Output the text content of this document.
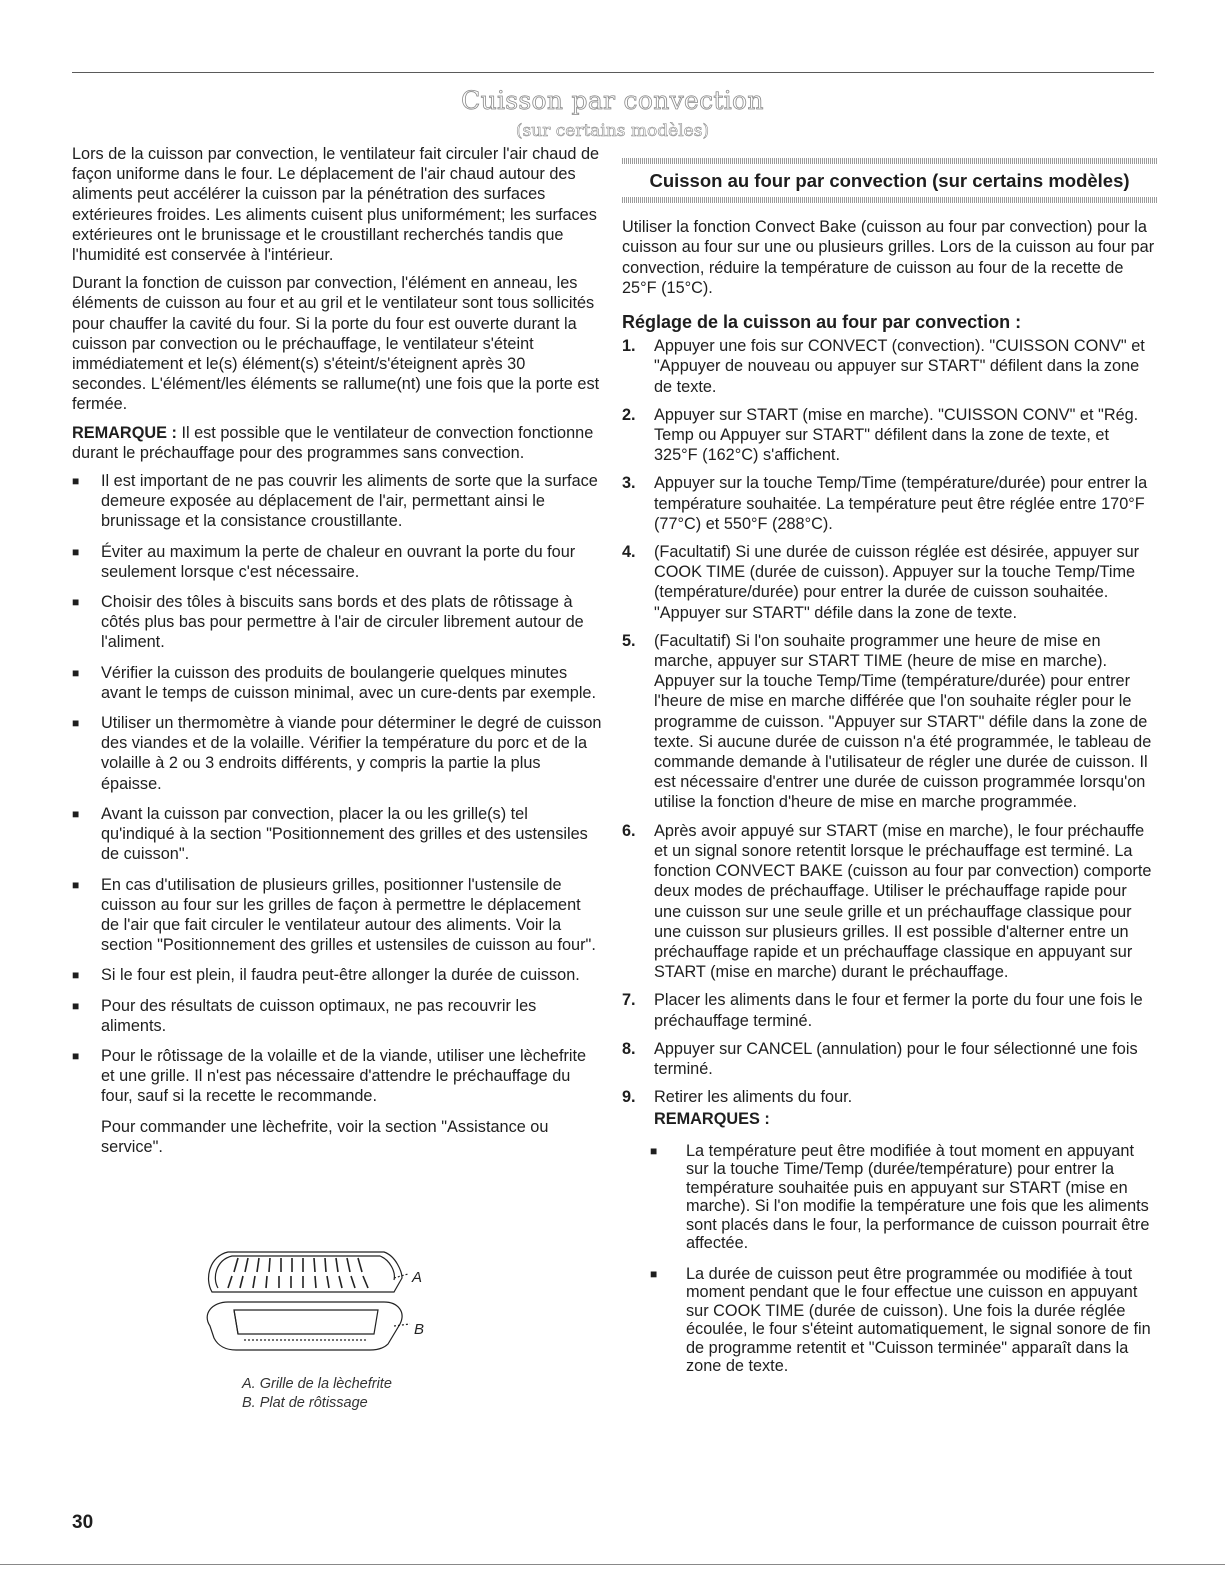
Cuisson par convection
(sur certains modèles)

Lors de la cuisson par convection, le ventilateur fait circuler l'air chaud de façon uniforme dans le four. Le déplacement de l'air chaud autour des aliments peut accélérer la cuisson par la pénétration des surfaces extérieures froides. Les aliments cuisent plus uniformément; les surfaces extérieures ont le brunissage et le croustillant recherchés tandis que l'humidité est conservée à l'intérieur.

Durant la fonction de cuisson par convection, l'élément en anneau, les éléments de cuisson au four et au gril et le ventilateur sont tous sollicités pour chauffer la cavité du four. Si la porte du four est ouverte durant la cuisson par convection ou le préchauffage, le ventilateur s'éteint immédiatement et le(s) élément(s) s'éteint/s'éteignent après 30 secondes. L'élément/les éléments se rallume(nt) une fois que la porte est fermée.

REMARQUE : Il est possible que le ventilateur de convection fonctionne durant le préchauffage pour des programmes sans convection.

■ Il est important de ne pas couvrir les aliments de sorte que la surface demeure exposée au déplacement de l'air, permettant ainsi le brunissage et la consistance croustillante.
■ Éviter au maximum la perte de chaleur en ouvrant la porte du four seulement lorsque c'est nécessaire.
■ Choisir des tôles à biscuits sans bords et des plats de rôtissage à côtés plus bas pour permettre à l'air de circuler librement autour de l'aliment.
■ Vérifier la cuisson des produits de boulangerie quelques minutes avant le temps de cuisson minimal, avec un cure-dents par exemple.
■ Utiliser un thermomètre à viande pour déterminer le degré de cuisson des viandes et de la volaille. Vérifier la température du porc et de la volaille à 2 ou 3 endroits différents, y compris la partie la plus épaisse.
■ Avant la cuisson par convection, placer la ou les grille(s) tel qu'indiqué à la section "Positionnement des grilles et des ustensiles de cuisson".
■ En cas d'utilisation de plusieurs grilles, positionner l'ustensile de cuisson au four sur les grilles de façon à permettre le déplacement de l'air que fait circuler le ventilateur autour des aliments. Voir la section "Positionnement des grilles et ustensiles de cuisson au four".
■ Si le four est plein, il faudra peut-être allonger la durée de cuisson.
■ Pour des résultats de cuisson optimaux, ne pas recouvrir les aliments.
■ Pour le rôtissage de la volaille et de la viande, utiliser une lèchefrite et une grille. Il n'est pas nécessaire d'attendre le préchauffage du four, sauf si la recette le recommande.

Pour commander une lèchefrite, voir la section "Assistance ou service".

A
B
A. Grille de la lèchefrite
B. Plat de rôtissage
Cuisson au four par convection (sur certains modèles)

Utiliser la fonction Convect Bake (cuisson au four par convection) pour la cuisson au four sur une ou plusieurs grilles. Lors de la cuisson au four par convection, réduire la température de cuisson au four de la recette de 25°F (15°C).

Réglage de la cuisson au four par convection :
1. Appuyer une fois sur CONVECT (convection). "CUISSON CONV" et "Appuyer de nouveau ou appuyer sur START" défilent dans la zone de texte.
2. Appuyer sur START (mise en marche). "CUISSON CONV" et "Rég. Temp ou Appuyer sur START" défilent dans la zone de texte, et 325°F (162°C) s'affichent.
3. Appuyer sur la touche Temp/Time (température/durée) pour entrer la température souhaitée. La température peut être réglée entre 170°F (77°C) et 550°F (288°C).
4. (Facultatif) Si une durée de cuisson réglée est désirée, appuyer sur COOK TIME (durée de cuisson). Appuyer sur la touche Temp/Time (température/durée) pour entrer la durée de cuisson souhaitée. "Appuyer sur START" défile dans la zone de texte.
5. (Facultatif) Si l'on souhaite programmer une heure de mise en marche, appuyer sur START TIME (heure de mise en marche). Appuyer sur la touche Temp/Time (température/durée) pour entrer l'heure de mise en marche différée que l'on souhaite régler pour le programme de cuisson. "Appuyer sur START" défile dans la zone de texte. Si aucune durée de cuisson n'a été programmée, le tableau de commande demande à l'utilisateur de régler une durée de cuisson. Il est nécessaire d'entrer une durée de cuisson programmée lorsqu'on utilise la fonction d'heure de mise en marche programmée.
6. Après avoir appuyé sur START (mise en marche), le four préchauffe et un signal sonore retentit lorsque le préchauffage est terminé. La fonction CONVECT BAKE (cuisson au four par convection) comporte deux modes de préchauffage. Utiliser le préchauffage rapide pour une cuisson sur une seule grille et un préchauffage classique pour une cuisson sur plusieurs grilles. Il est possible d'alterner entre un préchauffage rapide et un préchauffage classique en appuyant sur START (mise en marche) durant le préchauffage.
7. Placer les aliments dans le four et fermer la porte du four une fois le préchauffage terminé.
8. Appuyer sur CANCEL (annulation) pour le four sélectionné une fois terminé.
9. Retirer les aliments du four.
REMARQUES :
■ La température peut être modifiée à tout moment en appuyant sur la touche Time/Temp (durée/température) pour entrer la température souhaitée puis en appuyant sur START (mise en marche). Si l'on modifie la température une fois que les aliments sont placés dans le four, la performance de cuisson pourrait être affectée.
■ La durée de cuisson peut être programmée ou modifiée à tout moment pendant que le four effectue une cuisson en appuyant sur COOK TIME (durée de cuisson). Une fois la durée réglée écoulée, le four s'éteint automatiquement, le signal sonore de fin de programme retentit et "Cuisson terminée" apparaît dans la zone de texte.
30
